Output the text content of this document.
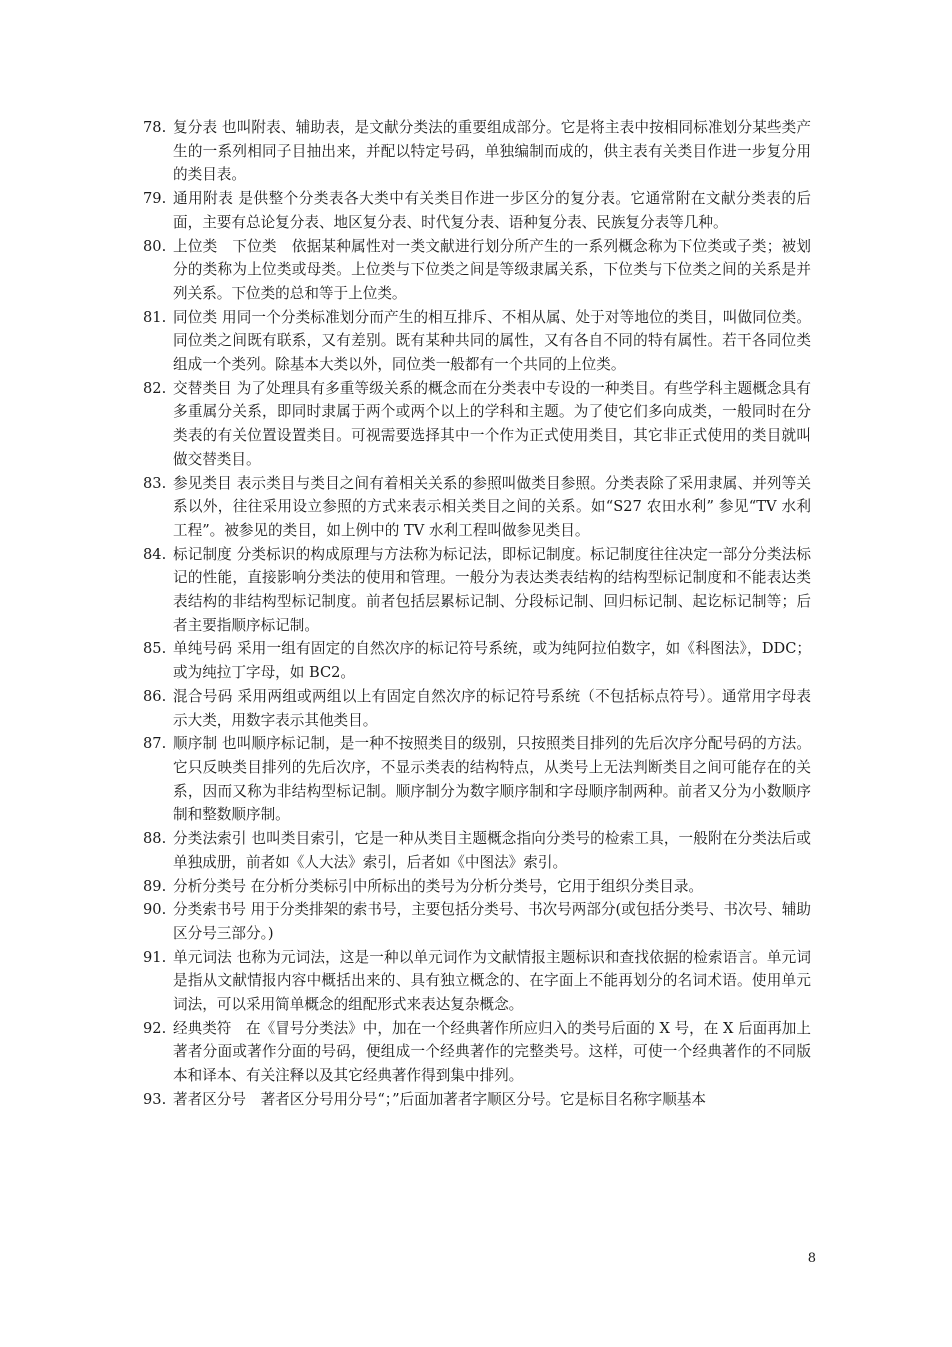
78. 复分表 也叫附表、辅助表，是文献分类法的重要组成部分。它是将主表中按相同标准划分某些类产生的一系列相同子目抽出来，并配以特定号码，单独编制而成的，供主表有关类目作进一步复分用的类目表。
79. 通用附表 是供整个分类表各大类中有关类目作进一步区分的复分表。它通常附在文献分类表的后面，主要有总论复分表、地区复分表、时代复分表、语种复分表、民族复分表等几种。
80. 上位类　下位类　依据某种属性对一类文献进行划分所产生的一系列概念称为下位类或子类；被划分的类称为上位类或母类。上位类与下位类之间是等级隶属关系，下位类与下位类之间的关系是并列关系。下位类的总和等于上位类。
81. 同位类 用同一个分类标准划分而产生的相互排斥、不相从属、处于对等地位的类目，叫做同位类。同位类之间既有联系，又有差别。既有某种共同的属性，又有各自不同的特有属性。若干各同位类组成一个类列。除基本大类以外，同位类一般都有一个共同的上位类。
82. 交替类目 为了处理具有多重等级关系的概念而在分类表中专设的一种类目。有些学科主题概念具有多重属分关系，即同时隶属于两个或两个以上的学科和主题。为了使它们多向成类，一般同时在分类表的有关位置设置类目。可视需要选择其中一个作为正式使用类目，其它非正式使用的类目就叫做交替类目。
83. 参见类目 表示类目与类目之间有着相关关系的参照叫做类目参照。分类表除了采用隶属、并列等关系以外，往往采用设立参照的方式来表示相关类目之间的关系。如“S27 农田水利” 参见“TV 水利工程”。被参见的类目，如上例中的 TV 水利工程叫做参见类目。
84. 标记制度 分类标识的构成原理与方法称为标记法，即标记制度。标记制度往往决定一部分分类法标记的性能，直接影响分类法的使用和管理。一般分为表达类表结构的结构型标记制度和不能表达类表结构的非结构型标记制度。前者包括层累标记制、分段标记制、回归标记制、起讫标记制等；后者主要指顺序标记制。
85. 单纯号码 采用一组有固定的自然次序的标记符号系统，或为纯阿拉伯数字，如《科图法》，DDC；或为纯拉丁字母，如 BC2。
86. 混合号码 采用两组或两组以上有固定自然次序的标记符号系统（不包括标点符号）。通常用字母表示大类，用数字表示其他类目。
87. 顺序制 也叫顺序标记制，是一种不按照类目的级别，只按照类目排列的先后次序分配号码的方法。它只反映类目排列的先后次序，不显示类表的结构特点，从类号上无法判断类目之间可能存在的关系，因而又称为非结构型标记制。顺序制分为数字顺序制和字母顺序制两种。前者又分为小数顺序制和整数顺序制。
88. 分类法索引 也叫类目索引，它是一种从类目主题概念指向分类号的检索工具，一般附在分类法后或单独成册，前者如《人大法》索引，后者如《中图法》索引。
89. 分析分类号 在分析分类标引中所标出的类号为分析分类号，它用于组织分类目录。
90. 分类索书号 用于分类排架的索书号，主要包括分类号、书次号两部分(或包括分类号、书次号、辅助区分号三部分。)
91. 单元词法 也称为元词法，这是一种以单元词作为文献情报主题标识和查找依据的检索语言。单元词是指从文献情报内容中概括出来的、具有独立概念的、在字面上不能再划分的名词术语。使用单元词法，可以采用简单概念的组配形式来表达复杂概念。
92. 经典类符　在《冒号分类法》中，加在一个经典著作所应归入的类号后面的 X 号，在 X 后面再加上著者分面或著作分面的号码，便组成一个经典著作的完整类号。这样，可使一个经典著作的不同版本和译本、有关注释以及其它经典著作得到集中排列。
93. 著者区分号　著者区分号用分号“；”后面加著者字顺区分号。它是标目名称字顺基本
8
